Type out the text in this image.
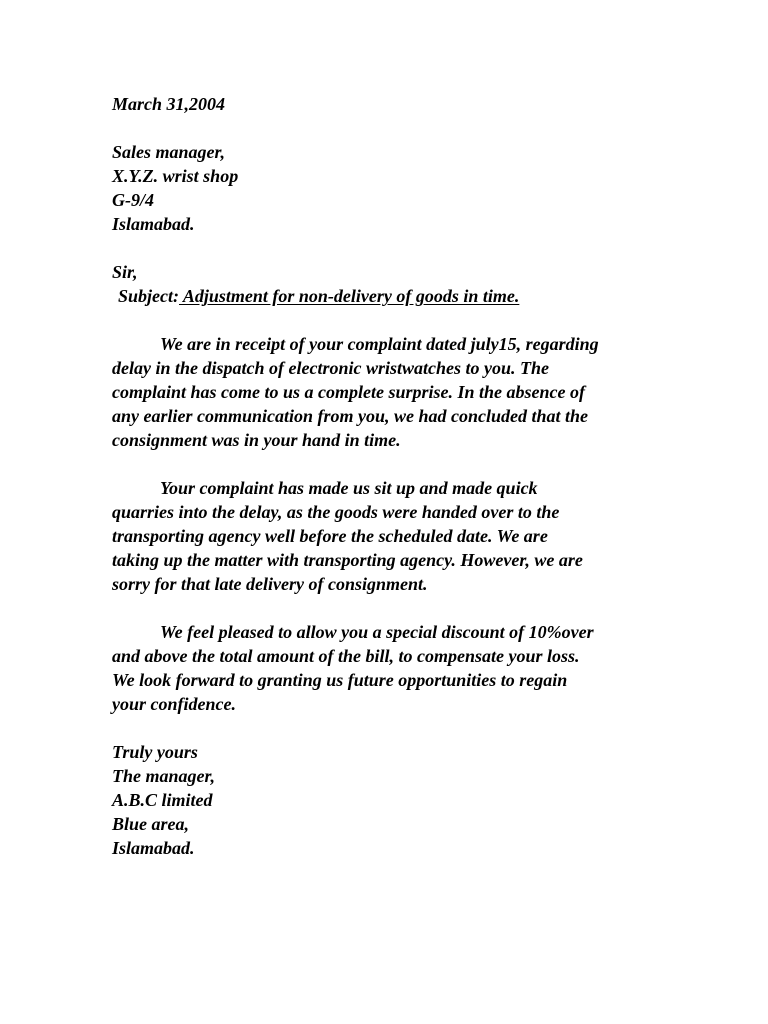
March 31,2004
Sales manager,
X.Y.Z. wrist shop
G-9/4
Islamabad.
Sir,
Subject: Adjustment for non-delivery of goods in time.
We are in receipt of your complaint dated july15, regarding
delay in the dispatch of electronic wristwatches to you. The
complaint has come to us a complete surprise. In the absence of
any earlier communication from you, we had concluded that the
consignment was in your hand in time.
Your complaint has made us sit up and made quick
quarries into the delay, as the goods were handed over to the
transporting agency well before the scheduled date. We are
taking up the matter with transporting agency. However, we are
sorry for that late delivery of consignment.
We feel pleased to allow you a special discount of 10%over
and above the total amount of the bill, to compensate your loss.
We look forward to granting us future opportunities to regain
your confidence.
Truly yours
The manager,
A.B.C limited
Blue area,
Islamabad.
